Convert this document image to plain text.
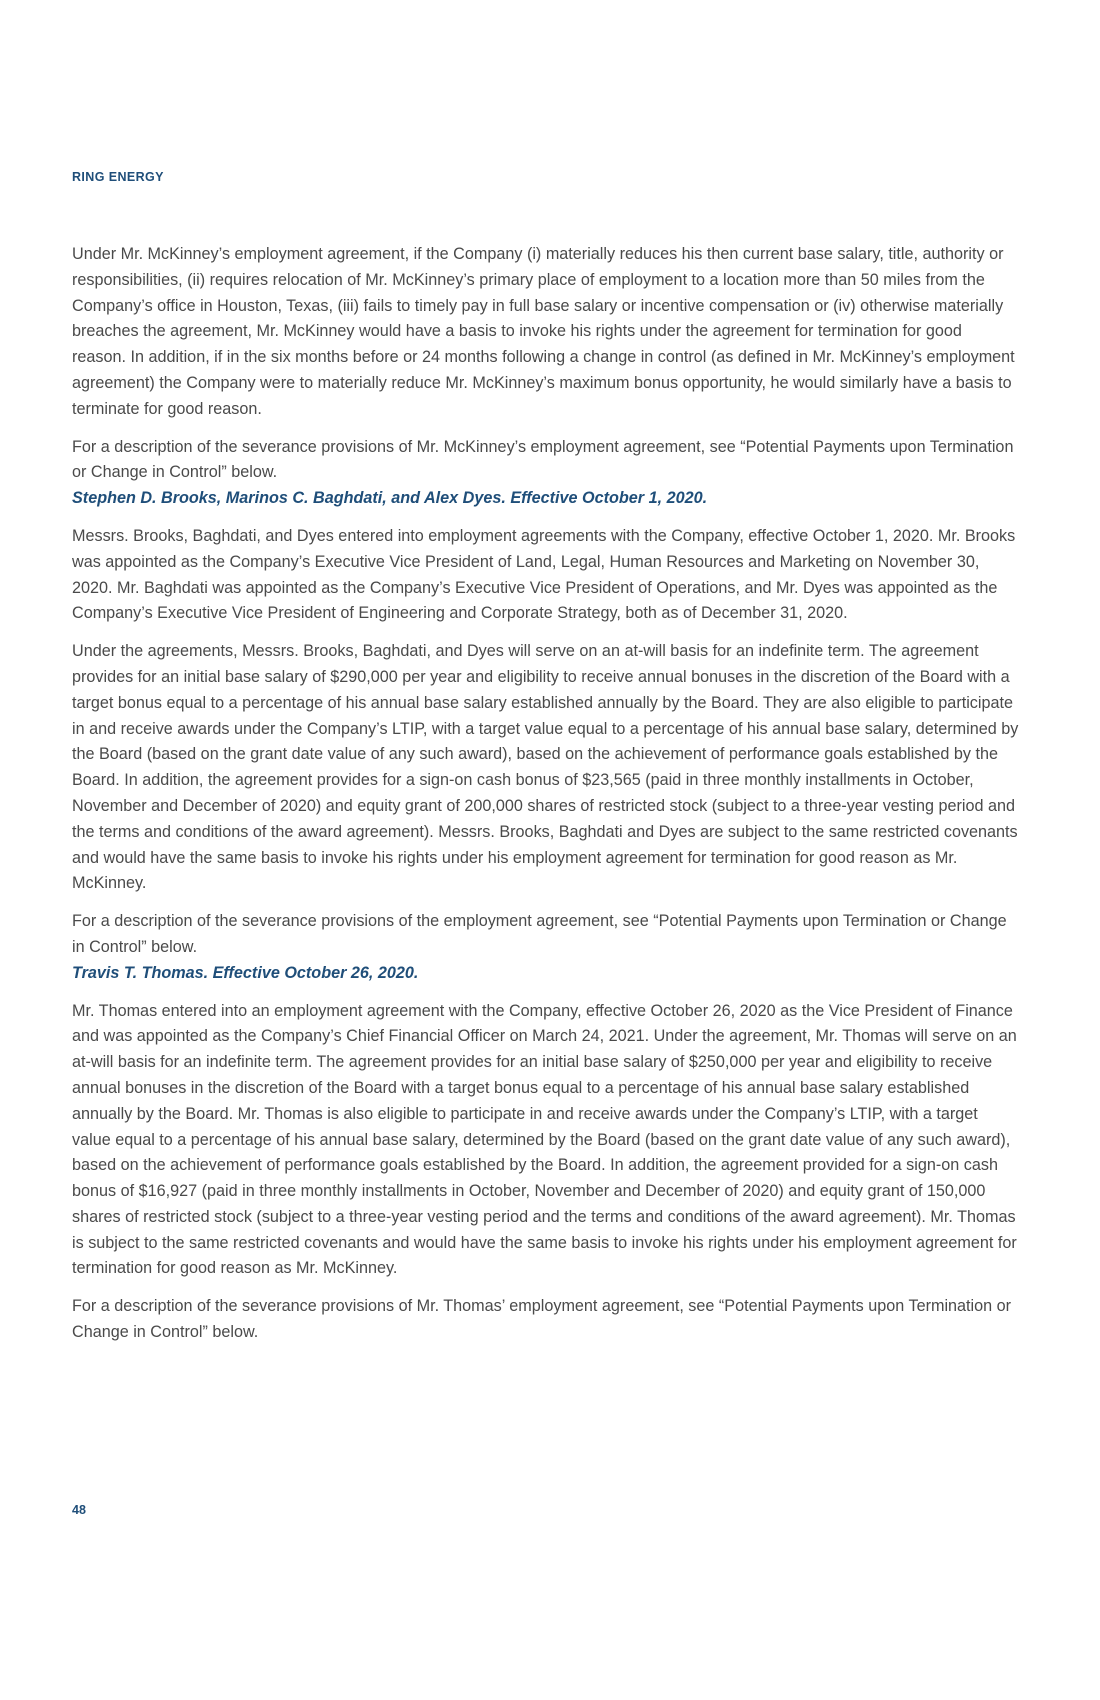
RING ENERGY

Under Mr. McKinney’s employment agreement, if the Company (i) materially reduces his then current base salary, title, authority or responsibilities, (ii) requires relocation of Mr. McKinney’s primary place of employment to a location more than 50 miles from the Company’s office in Houston, Texas, (iii) fails to timely pay in full base salary or incentive compensation or (iv) otherwise materially breaches the agreement, Mr. McKinney would have a basis to invoke his rights under the agreement for termination for good reason. In addition, if in the six months before or 24 months following a change in control (as defined in Mr. McKinney’s employment agreement) the Company were to materially reduce Mr. McKinney’s maximum bonus opportunity, he would similarly have a basis to terminate for good reason.

For a description of the severance provisions of Mr. McKinney’s employment agreement, see “Potential Payments upon Termination or Change in Control” below.

Stephen D. Brooks, Marinos C. Baghdati, and Alex Dyes. Effective October 1, 2020.

Messrs. Brooks, Baghdati, and Dyes entered into employment agreements with the Company, effective October 1, 2020. Mr. Brooks was appointed as the Company’s Executive Vice President of Land, Legal, Human Resources and Marketing on November 30, 2020. Mr. Baghdati was appointed as the Company’s Executive Vice President of Operations, and Mr. Dyes was appointed as the Company’s Executive Vice President of Engineering and Corporate Strategy, both as of December 31, 2020.

Under the agreements, Messrs. Brooks, Baghdati, and Dyes will serve on an at-will basis for an indefinite term. The agreement provides for an initial base salary of $290,000 per year and eligibility to receive annual bonuses in the discretion of the Board with a target bonus equal to a percentage of his annual base salary established annually by the Board. They are also eligible to participate in and receive awards under the Company’s LTIP, with a target value equal to a percentage of his annual base salary, determined by the Board (based on the grant date value of any such award), based on the achievement of performance goals established by the Board. In addition, the agreement provides for a sign-on cash bonus of $23,565 (paid in three monthly installments in October, November and December of 2020) and equity grant of 200,000 shares of restricted stock (subject to a three-year vesting period and the terms and conditions of the award agreement). Messrs. Brooks, Baghdati and Dyes are subject to the same restricted covenants and would have the same basis to invoke his rights under his employment agreement for termination for good reason as Mr. McKinney.

For a description of the severance provisions of the employment agreement, see “Potential Payments upon Termination or Change in Control” below.

Travis T. Thomas. Effective October 26, 2020.

Mr. Thomas entered into an employment agreement with the Company, effective October 26, 2020 as the Vice President of Finance and was appointed as the Company’s Chief Financial Officer on March 24, 2021. Under the agreement, Mr. Thomas will serve on an at-will basis for an indefinite term. The agreement provides for an initial base salary of $250,000 per year and eligibility to receive annual bonuses in the discretion of the Board with a target bonus equal to a percentage of his annual base salary established annually by the Board. Mr. Thomas is also eligible to participate in and receive awards under the Company’s LTIP, with a target value equal to a percentage of his annual base salary, determined by the Board (based on the grant date value of any such award), based on the achievement of performance goals established by the Board. In addition, the agreement provided for a sign-on cash bonus of $16,927 (paid in three monthly installments in October, November and December of 2020) and equity grant of 150,000 shares of restricted stock (subject to a three-year vesting period and the terms and conditions of the award agreement). Mr. Thomas is subject to the same restricted covenants and would have the same basis to invoke his rights under his employment agreement for termination for good reason as Mr. McKinney.

For a description of the severance provisions of Mr. Thomas’ employment agreement, see “Potential Payments upon Termination or Change in Control” below.

48
